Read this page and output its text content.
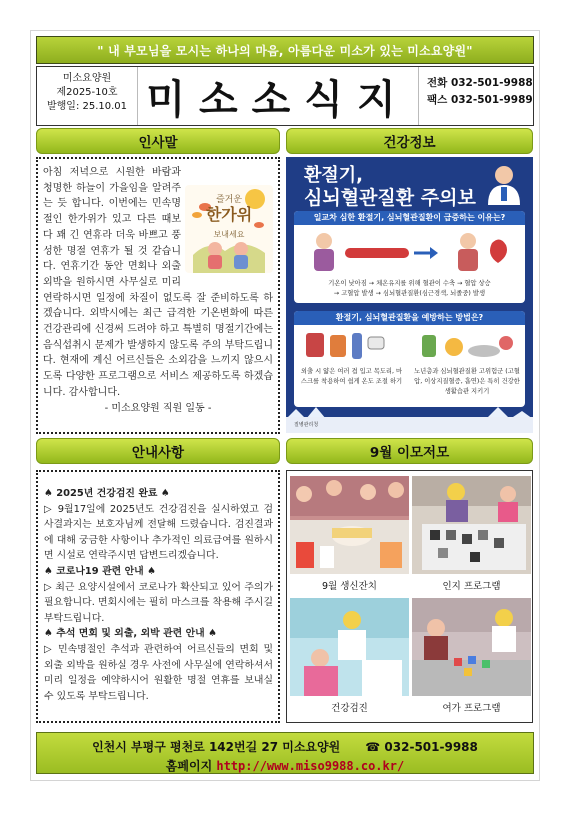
" 내 부모님을 모시는 하나의 마음, 아름다운 미소가 있는 미소요양원"
미소요양원
제2025-10호
발행일: 25.10.01 미소소식지	전화 032-501-9988
팩스 032-501-9989
인사말	건강정보
즐거운
한가위
보내세요
아침 저녁으로 시원한 바람과 청명한 하늘이 가을임을 알려주는 듯 합니다. 이번에는 민속명절인 한가위가 있고 다른 때보다 꽤 긴 연휴라 더욱 바쁘고 풍성한 명절 연휴가 될 것 같습니다. 연휴기간 동안 면회나 외출 외박을 원하시면 사무실로 미리 연락하시면 일정에 차질이 없도록 잘 준비하도록 하겠습니다. 외박시에는 최근 급격한 기온변화에 따른 건강관리에 신경써 드려야 하고 특별히 명절기간에는 음식섭취시 문제가 발생하지 않도록 주의 부탁드립니다. 현재에 계신 어르신들은 소외감을 느끼지 않으시도록 다양한 프로그램으로 서비스 제공하도록 하겠습니다. 감사합니다.
- 미소요양원 직원 일동 -
환절기,
심뇌혈관질환 주의보
일교차 심한 환절기, 심뇌혈관질환이 급증하는 이유는?
기온이 낮아짐 → 체온유지를 위해 혈관이 수축 → 혈압 상승
→ 고혈압 발생 → 심뇌혈관질환(심근경색, 뇌졸중) 발생
환절기, 심뇌혈관질환을 예방하는 방법은?
외출 시 얇은 여러 겹 입고 목도리, 마스크를 착용하여 쉽게 온도 조절 하기
노년층과 심뇌혈관질환 고위험군 (고혈압, 이상지질혈증, 흡연)은 특히 건강한 생활습관 지키기
질병관리청
안내사항	9월 이모저모
♠ 2025년 건강검진 완료 ♠
▷ 9월17일에 2025년도 건강검진을 실시하였고 검사결과지는 보호자님께 전달해 드렸습니다. 검진결과에 대해 궁금한 사항이나 추가적인 의료급여를 원하시면 시설로 연락주시면 답변드리겠습니다.
♠ 코로나19 관련 안내 ♠
▷ 최근 요양시설에서 코로나가 확산되고 있어 주의가 필요합니다. 면회시에는 필히 마스크를 착용해 주시길 부탁드립니다.
♠ 추석 면회 및 외출, 외박 관련 안내 ♠
▷ 민속명절인 추석과 관련하여 어르신들의 면회 및 외출 외박을 원하실 경우 사전에 사무실에 연락하셔서 미리 일정을 예약하시어 원활한 명절 연휴를 보내실 수 있도록 부탁드립니다.
9월 생신잔치	인지 프로그램
건강검진	여가 프로그램
인천시 부평구 평천로 142번길 27 미소요양원 ☎ 032-501-9988
홈페이지 http://www.miso9988.co.kr/
